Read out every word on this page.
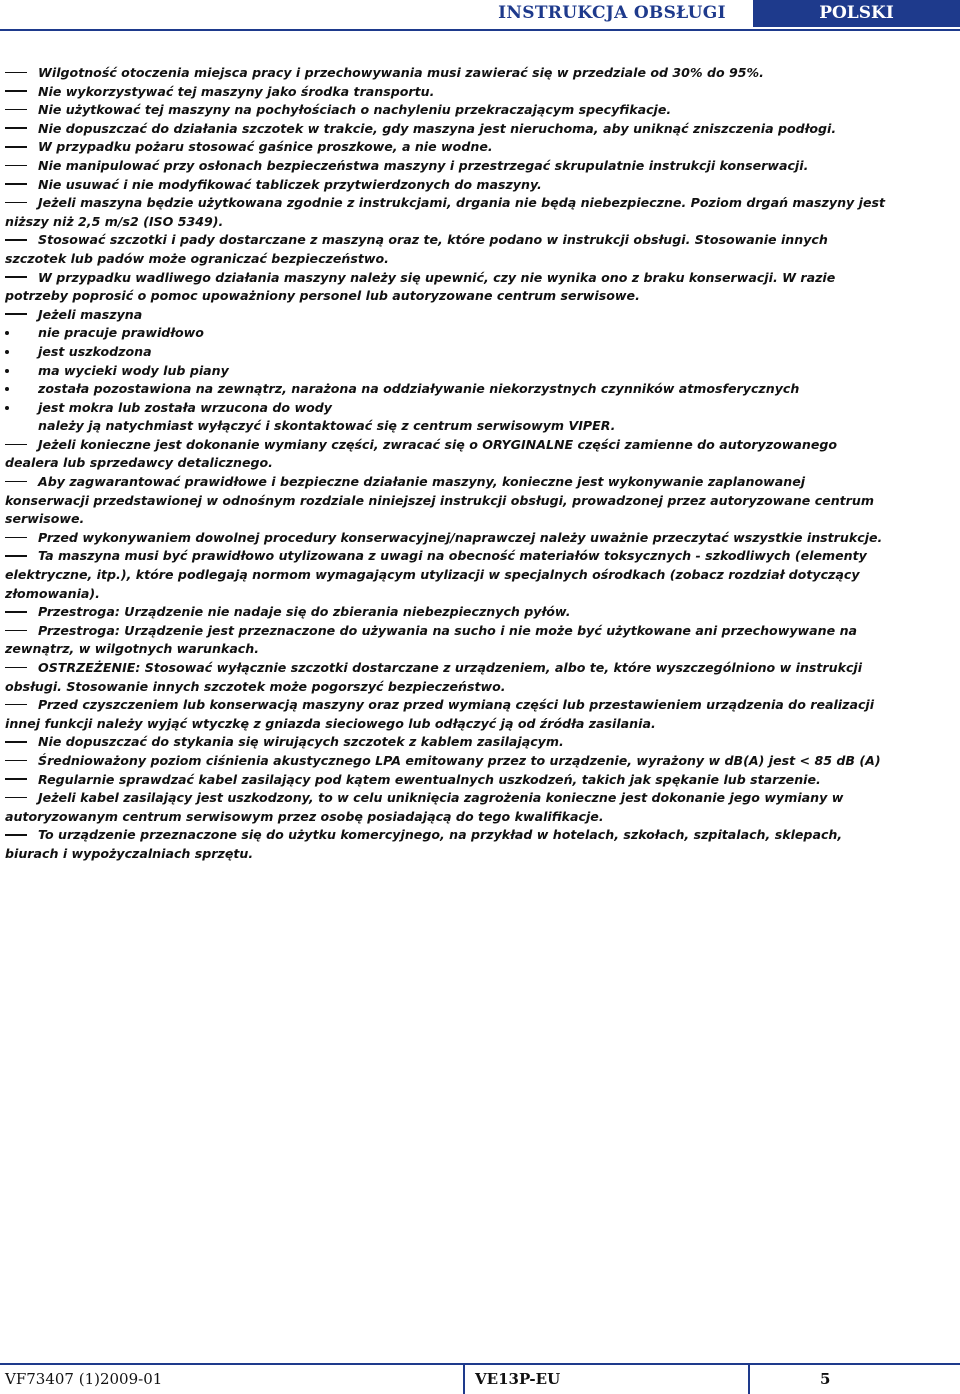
INSTRUKCJA OBSŁUGI	POLSKI

Wilgotność otoczenia miejsca pracy i przechowywania musi zawierać się w przedziale od 30% do 95%.

Nie wykorzystywać tej maszyny jako środka transportu.

Nie użytkować tej maszyny na pochyłościach o nachyleniu przekraczającym specyfikacje.

Nie dopuszczać do działania szczotek w trakcie, gdy maszyna jest nieruchoma, aby uniknąć zniszczenia podłogi.

W przypadku pożaru stosować gaśnice proszkowe, a nie wodne.

Nie manipulować przy osłonach bezpieczeństwa maszyny i przestrzegać skrupulatnie instrukcji konserwacji.

Nie usuwać i nie modyfikować tabliczek przytwierdzonych do maszyny.

Jeżeli maszyna będzie użytkowana zgodnie z instrukcjami, drgania nie będą niebezpieczne. Poziom drgań maszyny jest

niższy niż 2,5 m/s2 (ISO 5349).

Stosować szczotki i pady dostarczane z maszyną oraz te, które podano w instrukcji obsługi. Stosowanie innych

szczotek lub padów może ograniczać bezpieczeństwo.

W przypadku wadliwego działania maszyny należy się upewnić, czy nie wynika ono z braku konserwacji. W razie

potrzeby poprosić o pomoc upoważniony personel lub autoryzowane centrum serwisowe.

Jeżeli maszyna

nie pracuje prawidłowo

jest uszkodzona

ma wycieki wody lub piany

została pozostawiona na zewnątrz, narażona na oddziaływanie niekorzystnych czynników atmosferycznych

jest mokra lub została wrzucona do wody

należy ją natychmiast wyłączyć i skontaktować się z centrum serwisowym VIPER.

Jeżeli konieczne jest dokonanie wymiany części, zwracać się o ORYGINALNE części zamienne do autoryzowanego

dealera lub sprzedawcy detalicznego.

Aby zagwarantować prawidłowe i bezpieczne działanie maszyny, konieczne jest wykonywanie zaplanowanej

konserwacji przedstawionej w odnośnym rozdziale niniejszej instrukcji obsługi, prowadzonej przez autoryzowane centrum

serwisowe.

Przed wykonywaniem dowolnej procedury konserwacyjnej/naprawczej należy uważnie przeczytać wszystkie instrukcje.

Ta maszyna musi być prawidłowo utylizowana z uwagi na obecność materiałów toksycznych - szkodliwych (elementy

elektryczne, itp.), które podlegają normom wymagającym utylizacji w specjalnych ośrodkach (zobacz rozdział dotyczący

złomowania).

Przestroga: Urządzenie nie nadaje się do zbierania niebezpiecznych pyłów.

Przestroga: Urządzenie jest przeznaczone do używania na sucho i nie może być użytkowane ani przechowywane na

zewnątrz, w wilgotnych warunkach.

OSTRZEŻENIE: Stosować wyłącznie szczotki dostarczane z urządzeniem, albo te, które wyszczególniono w instrukcji

obsługi. Stosowanie innych szczotek może pogorszyć bezpieczeństwo.

Przed czyszczeniem lub konserwacją maszyny oraz przed wymianą części lub przestawieniem urządzenia do realizacji

innej funkcji należy wyjąć wtyczkę z gniazda sieciowego lub odłączyć ją od źródła zasilania.

Nie dopuszczać do stykania się wirujących szczotek z kablem zasilającym.

Średnioważony poziom ciśnienia akustycznego LPA emitowany przez to urządzenie, wyrażony w dB(A) jest < 85 dB (A)

Regularnie sprawdzać kabel zasilający pod kątem ewentualnych uszkodzeń, takich jak spękanie lub starzenie.

Jeżeli kabel zasilający jest uszkodzony, to w celu uniknięcia zagrożenia konieczne jest dokonanie jego wymiany w

autoryzowanym centrum serwisowym przez osobę posiadającą do tego kwalifikacje.

To urządzenie przeznaczone się do użytku komercyjnego, na przykład w hotelach, szkołach, szpitalach, sklepach,

biurach i wypożyczalniach sprzętu.

VF73407 (1)2009-01	VE13P-EU	5
